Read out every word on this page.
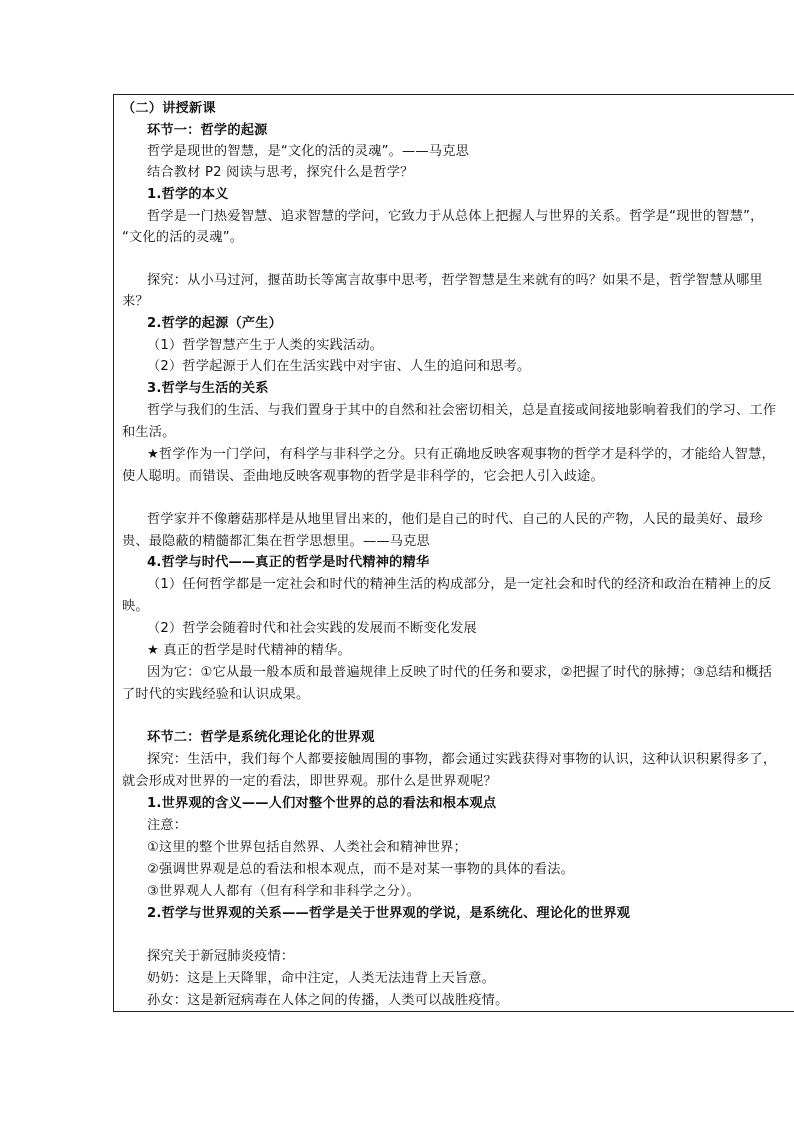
（二）讲授新课
环节一：哲学的起源
哲学是现世的智慧，是“文化的活的灵魂”。——马克思
结合教材 P2 阅读与思考，探究什么是哲学？
1.哲学的本义
哲学是一门热爱智慧、追求智慧的学问，它致力于从总体上把握人与世界的关系。哲学是“现世的智慧”，
“文化的活的灵魂”。
探究：从小马过河，揠苗助长等寓言故事中思考，哲学智慧是生来就有的吗？如果不是，哲学智慧从哪里
来？
2.哲学的起源（产生）
（1）哲学智慧产生于人类的实践活动。
（2）哲学起源于人们在生活实践中对宇宙、人生的追问和思考。
3.哲学与生活的关系
哲学与我们的生活、与我们置身于其中的自然和社会密切相关，总是直接或间接地影响着我们的学习、工作
和生活。
★哲学作为一门学问，有科学与非科学之分。只有正确地反映客观事物的哲学才是科学的，才能给人智慧，
使人聪明。而错误、歪曲地反映客观事物的哲学是非科学的，它会把人引入歧途。
哲学家并不像蘑菇那样是从地里冒出来的，他们是自己的时代、自己的人民的产物，人民的最美好、最珍
贵、最隐蔽的精髓都汇集在哲学思想里。——马克思
4.哲学与时代——真正的哲学是时代精神的精华
（1）任何哲学都是一定社会和时代的精神生活的构成部分，是一定社会和时代的经济和政治在精神上的反
映。
（2）哲学会随着时代和社会实践的发展而不断变化发展
★ 真正的哲学是时代精神的精华。
因为它：①它从最一般本质和最普遍规律上反映了时代的任务和要求，②把握了时代的脉搏；③总结和概括
了时代的实践经验和认识成果。
环节二：哲学是系统化理论化的世界观
探究：生活中，我们每个人都要接触周围的事物，都会通过实践获得对事物的认识，这种认识积累得多了，
就会形成对世界的一定的看法，即世界观。那什么是世界观呢？
1.世界观的含义——人们对整个世界的总的看法和根本观点
注意：
①这里的整个世界包括自然界、人类社会和精神世界；
②强调世界观是总的看法和根本观点，而不是对某一事物的具体的看法。
③世界观人人都有（但有科学和非科学之分）。
2.哲学与世界观的关系——哲学是关于世界观的学说，是系统化、理论化的世界观
探究关于新冠肺炎疫情：
奶奶：这是上天降罪，命中注定，人类无法违背上天旨意。
孙女：这是新冠病毒在人体之间的传播，人类可以战胜疫情。
